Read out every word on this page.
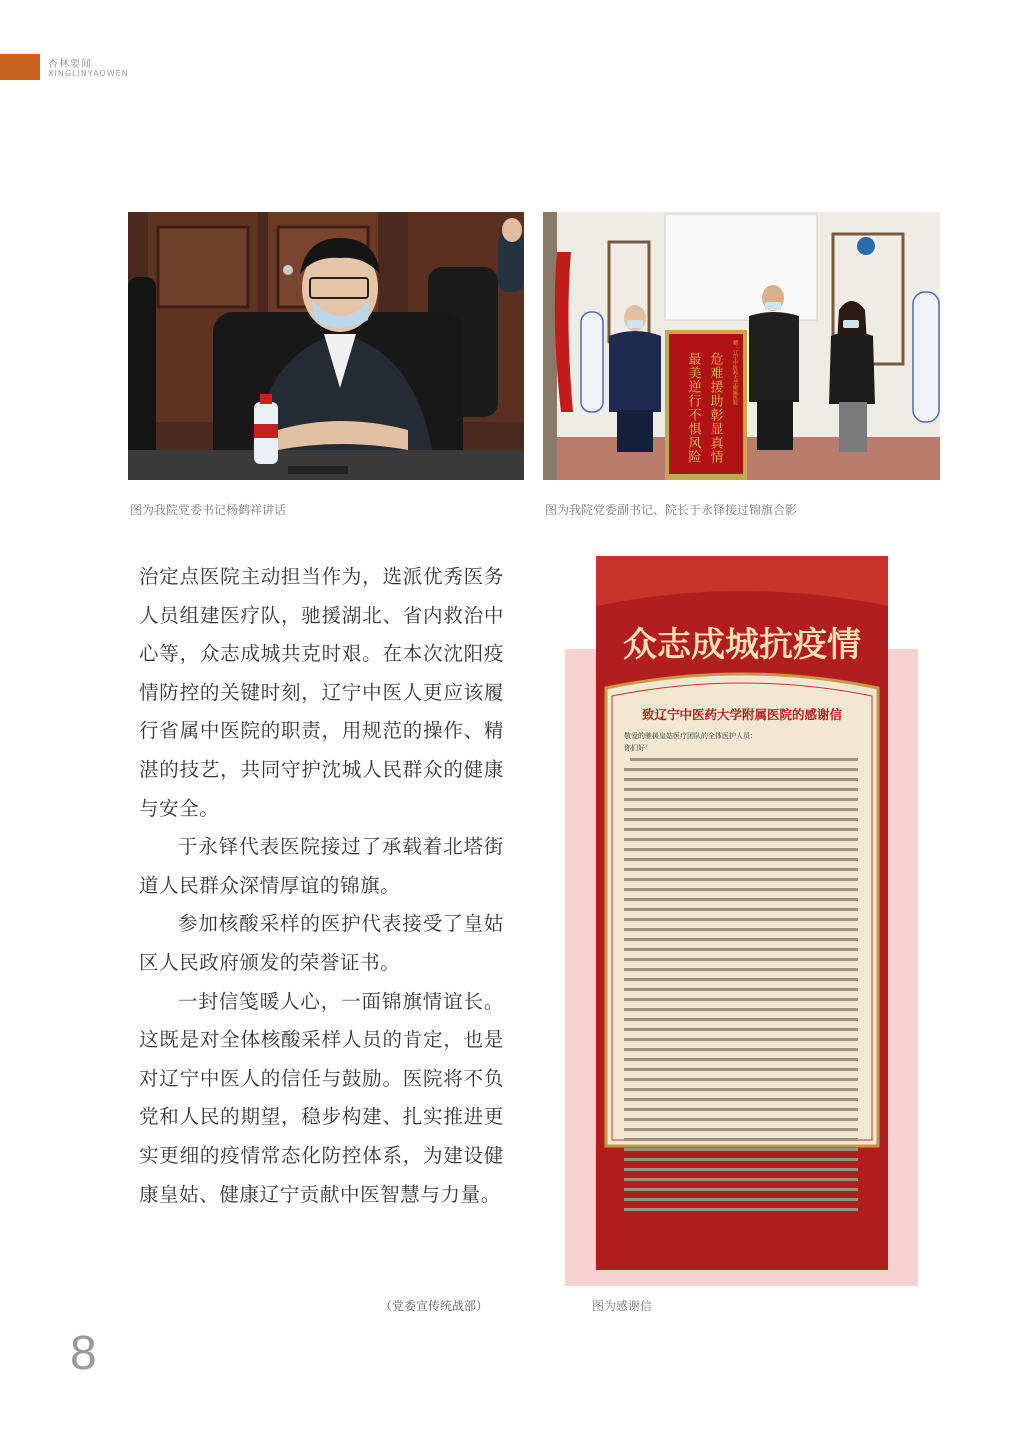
杏林要闻
XINGLINYAOWEN
图为我院党委书记杨鹤祥讲话
最美逆行不惧风险 危难援助彰显真情 赠：辽宁中医药大学附属医院
图为我院党委副书记、院长于永铎接过锦旗合影

治定点医院主动担当作为，选派优秀医务人员组建医疗队，驰援湖北、省内救治中心等，众志成城共克时艰。在本次沈阳疫情防控的关键时刻，辽宁中医人更应该履行省属中医院的职责，用规范的操作、精湛的技艺，共同守护沈城人民群众的健康与安全。

于永铎代表医院接过了承载着北塔街道人民群众深情厚谊的锦旗。

参加核酸采样的医护代表接受了皇姑区人民政府颁发的荣誉证书。

一封信笺暖人心，一面锦旗情谊长。这既是对全体核酸采样人员的肯定，也是对辽宁中医人的信任与鼓励。医院将不负党和人民的期望，稳步构建、扎实推进更实更细的疫情常态化防控体系，为建设健康皇姑、健康辽宁贡献中医智慧与力量。

（党委宣传统战部）
众志成城抗疫情
致辽宁中医药大学附属医院的感谢信
敬爱的驰援皇姑医疗团队的全体医护人员：
你们好！
图为感谢信
8
